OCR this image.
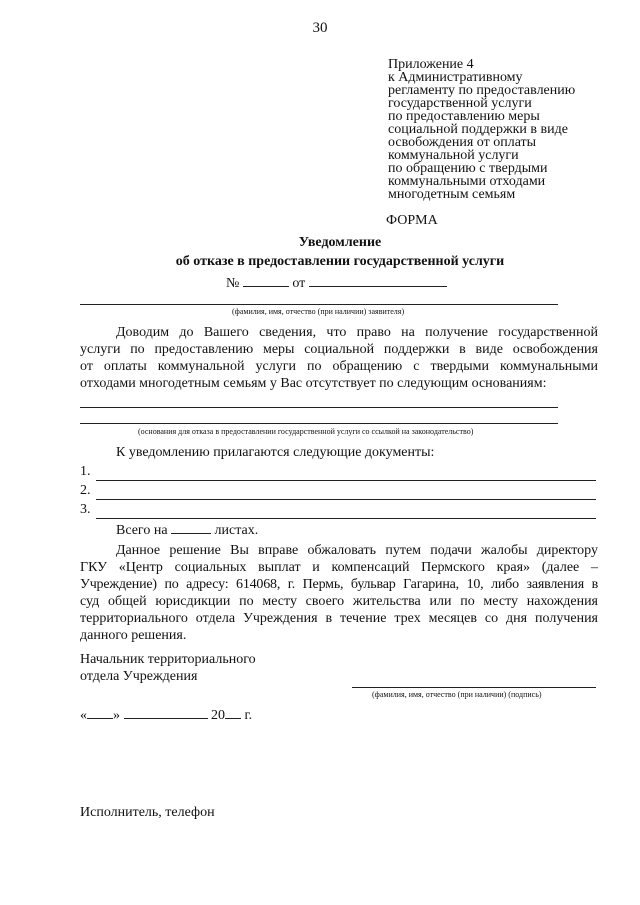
30
Приложение 4
к Административному
регламенту по предоставлению
государственной услуги
по предоставлению меры
социальной поддержки в виде
освобождения от оплаты
коммунальной услуги
по обращению с твердыми
коммунальными отходами
многодетным семьям
ФОРМА
Уведомление
об отказе в предоставлении государственной услуги
№	от
(фамилия, имя, отчество (при наличии) заявителя)
Доводим до Вашего сведения, что право на получение государственной
услуги по предоставлению меры социальной поддержки в виде освобождения
от оплаты коммунальной услуги по обращению с твердыми коммунальными
отходами многодетным семьям у Вас отсутствует по следующим основаниям:
(основания для отказа в предоставлении государственной услуги со ссылкой на законодательство)
К уведомлению прилагаются следующие документы:
1.
2.
3.
Всего на	листах.
Данное решение Вы вправе обжаловать путем подачи жалобы директору
ГКУ «Центр социальных выплат и компенсаций Пермского края» (далее –
Учреждение) по адресу: 614068, г. Пермь, бульвар Гагарина, 10, либо заявления в
суд общей юрисдикции по месту своего жительства или по месту нахождения
территориального отдела Учреждения в течение трех месяцев со дня получения
данного решения.
Начальник территориального
отдела Учреждения
(фамилия, имя, отчество (при наличии) (подпись)
« »	20 г.
Исполнитель, телефон
